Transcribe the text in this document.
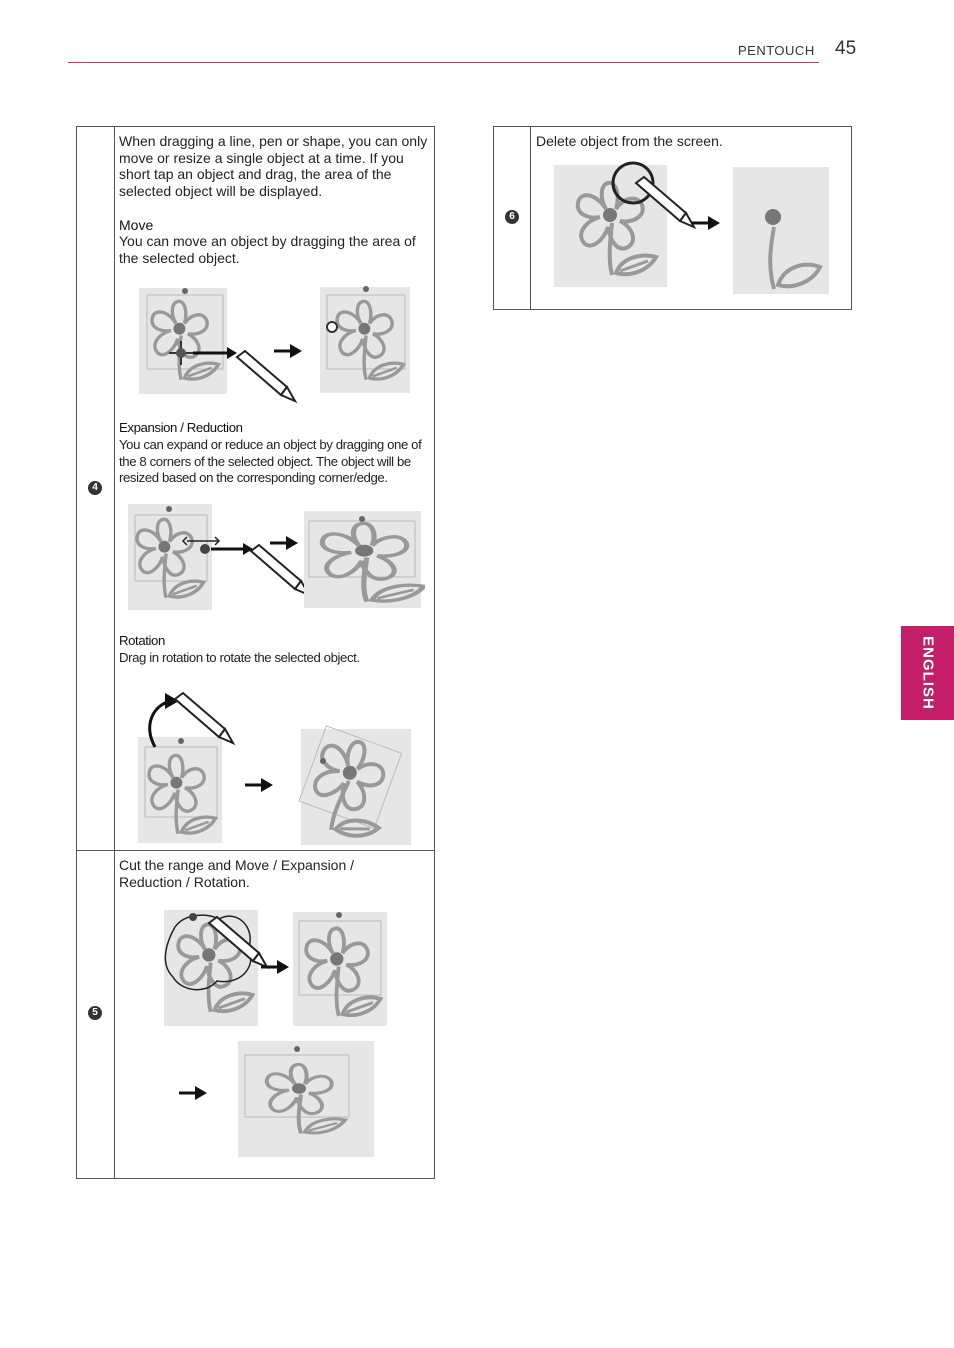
PENTOUCH 45
ENGLISH
4
When dragging a line, pen or shape, you can only move or resize a single object at a time. If you short tap an object and drag, the area of the selected object will be displayed.
Move
You can move an object by dragging the area of the selected object.
Expansion / Reduction
You can expand or reduce an object by dragging one of the 8 corners of the selected object. The object will be resized based on the corresponding corner/edge.
Rotation
Drag in rotation to rotate the selected object.
5
Cut the range and Move / Expansion / Reduction / Rotation.
6
Delete object from the screen.
